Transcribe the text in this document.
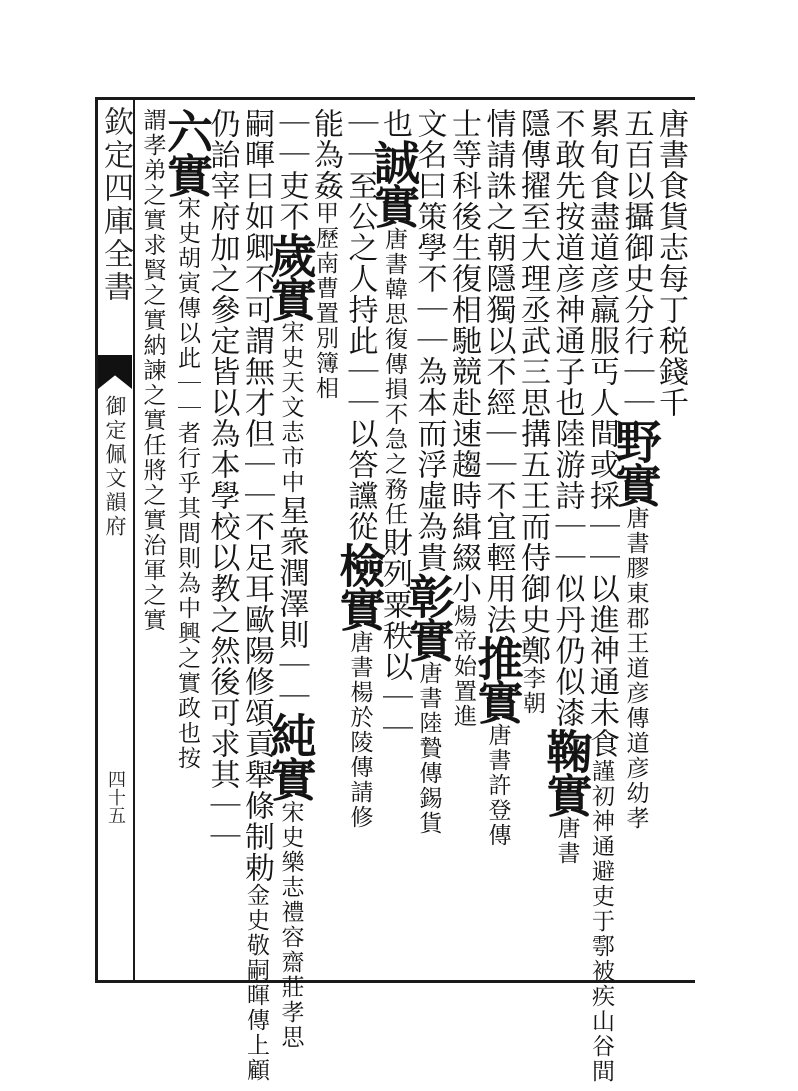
欽定四庫全書
御定佩文韻府
四十五
唐書食貨志每丁税錢千
五百以攝御史分行｜｜野實唐書膠東郡王道彦傳道彦幼孝
累旬食盡道彦羸服丐人間或採｜｜以進神通未食謹初神通避吏于鄠被疾山谷間
不敢先按道彦神通子也陸游詩｜｜似丹仍似漆鞠實唐書
隱傳擢至大理丞武三思搆五王而侍御史鄭李朝
情請誅之朝隱獨以不經｜｜不宜輕用法推實唐書許登傳
士等科後生復相馳競赴速趨時緝綴小煬帝始置進
文名曰策學不｜｜為本而浮虛為貴彰實唐書陸贄傳錫貨
也誠實唐書韓思復傳損不急之務任財列粟秩以｜｜
｜｜至公之人持此｜｜以答讜從檢實唐書楊於陵傳請修
能為姦甲歷南曹置別簿相
｜｜吏不歲實宋史天文志市中星衆潤澤則｜｜純實宋史樂志禮容齋莊孝思
嗣暉曰如卿不可謂無才但｜｜不足耳歐陽修頌貢舉條制勅金史敬嗣暉傳上顧
仍詒宰府加之參定皆以為本學校以教之然後可求其｜｜
六實宋史胡寅傳以此｜｜者行乎其間則為中興之實政也按
謂孝弟之實求賢之實納諫之實任將之實治軍之實
